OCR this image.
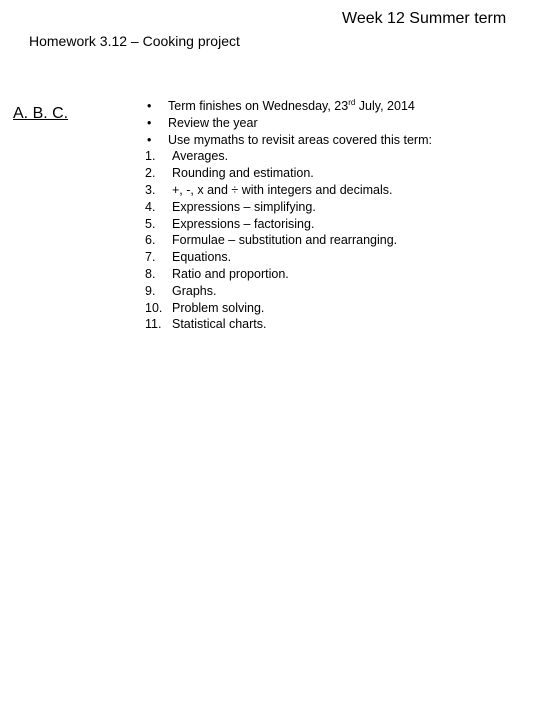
Week 12 Summer term
Homework 3.12 – Cooking project
A. B. C.	• Term finishes on Wednesday, 23rd July, 2014
• Review the year
• Use mymaths to revisit areas covered this term:
1. Averages.
2. Rounding and estimation.
3. +, -, x and ÷ with integers and decimals.
4. Expressions – simplifying.
5. Expressions – factorising.
6. Formulae – substitution and rearranging.
7. Equations.
8. Ratio and proportion.
9. Graphs.
10. Problem solving.
11. Statistical charts.
